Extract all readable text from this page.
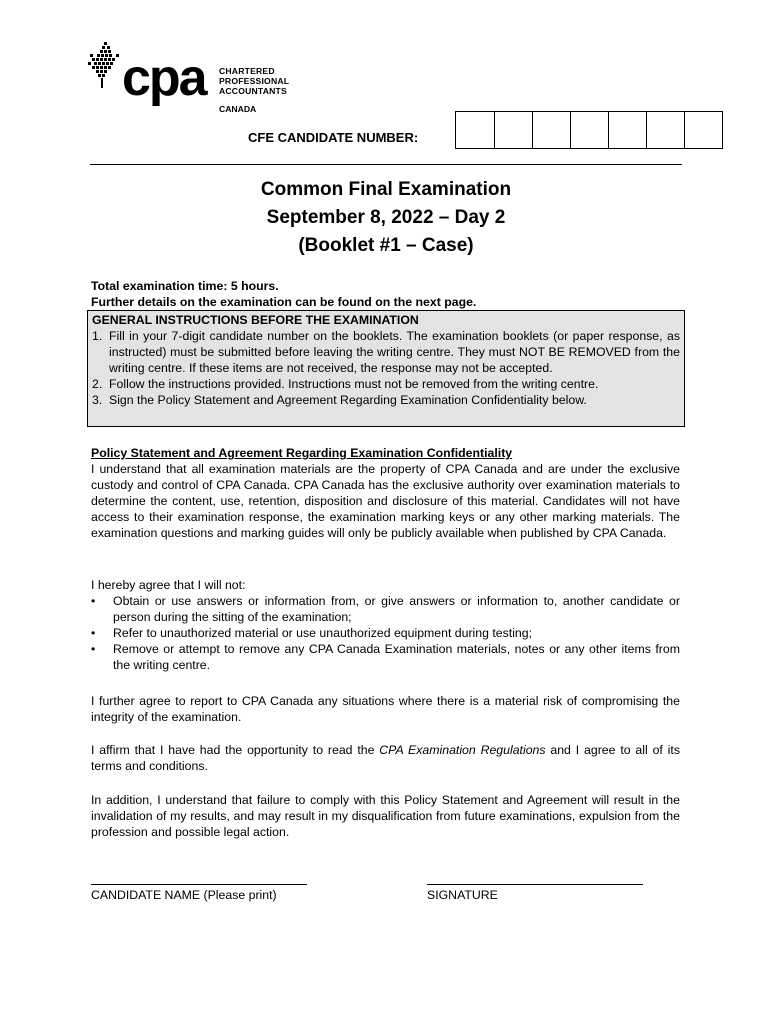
cpa CHARTERED
PROFESSIONAL
ACCOUNTANTS
CANADA
CFE CANDIDATE NUMBER:
Common Final Examination
September 8, 2022 – Day 2
(Booklet #1 – Case)
Total examination time: 5 hours.
Further details on the examination can be found on the next page.
GENERAL INSTRUCTIONS BEFORE THE EXAMINATION
1. Fill in your 7-digit candidate number on the booklets. The examination booklets (or paper response, as instructed) must be submitted before leaving the writing centre. They must NOT BE REMOVED from the writing centre. If these items are not received, the response may not be accepted.
2. Follow the instructions provided. Instructions must not be removed from the writing centre.
3. Sign the Policy Statement and Agreement Regarding Examination Confidentiality below.
Policy Statement and Agreement Regarding Examination Confidentiality

I understand that all examination materials are the property of CPA Canada and are under the exclusive custody and control of CPA Canada. CPA Canada has the exclusive authority over examination materials to determine the content, use, retention, disposition and disclosure of this material. Candidates will not have access to their examination response, the examination marking keys or any other marking materials. The examination questions and marking guides will only be publicly available when published by CPA Canada.

I hereby agree that I will not:

• Obtain or use answers or information from, or give answers or information to, another candidate or person during the sitting of the examination;
• Refer to unauthorized material or use unauthorized equipment during testing;
• Remove or attempt to remove any CPA Canada Examination materials, notes or any other items from the writing centre.

I further agree to report to CPA Canada any situations where there is a material risk of compromising the integrity of the examination.

I affirm that I have had the opportunity to read the CPA Examination Regulations and I agree to all of its terms and conditions.

In addition, I understand that failure to comply with this Policy Statement and Agreement will result in the invalidation of my results, and may result in my disqualification from future examinations, expulsion from the profession and possible legal action.

CANDIDATE NAME (Please print)	SIGNATURE
